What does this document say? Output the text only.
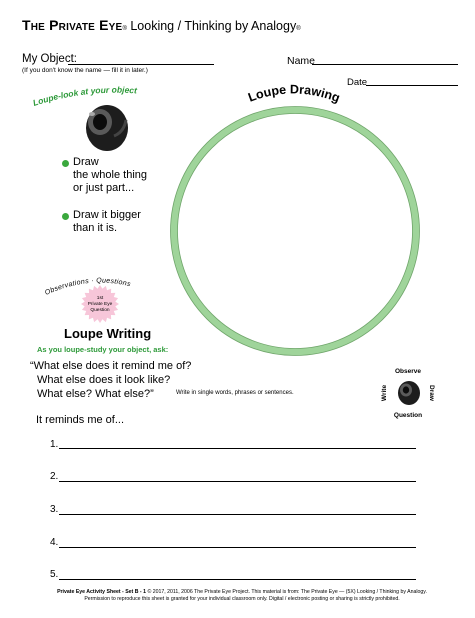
The Private Eye® Looking / Thinking by Analogy®
My Object:
(If you don't know the name — fill it in later.)
Name
Date
Loupe-look at your object
Draw
the whole thing
or just part...
Draw it bigger
than it is.
Loupe Drawing
Observations · Questions
1st
Private Eye
Question
Loupe Writing
As you loupe-study your object, ask:
“What else does it remind me of?
What else does it look like?
What else? What else?”	Write in single words, phrases or sentences.
Observe
Question
Write	Draw
It reminds me of...
1.
2.
3.
4.
5.
Private Eye Activity Sheet - Set B - 1 © 2017, 2011, 2006 The Private Eye Project. This material is from: The Private Eye — (5X) Looking / Thinking by Analogy.
Permission to reproduce this sheet is granted for your individual classroom only. Digital / electronic posting or sharing is strictly prohibited.
